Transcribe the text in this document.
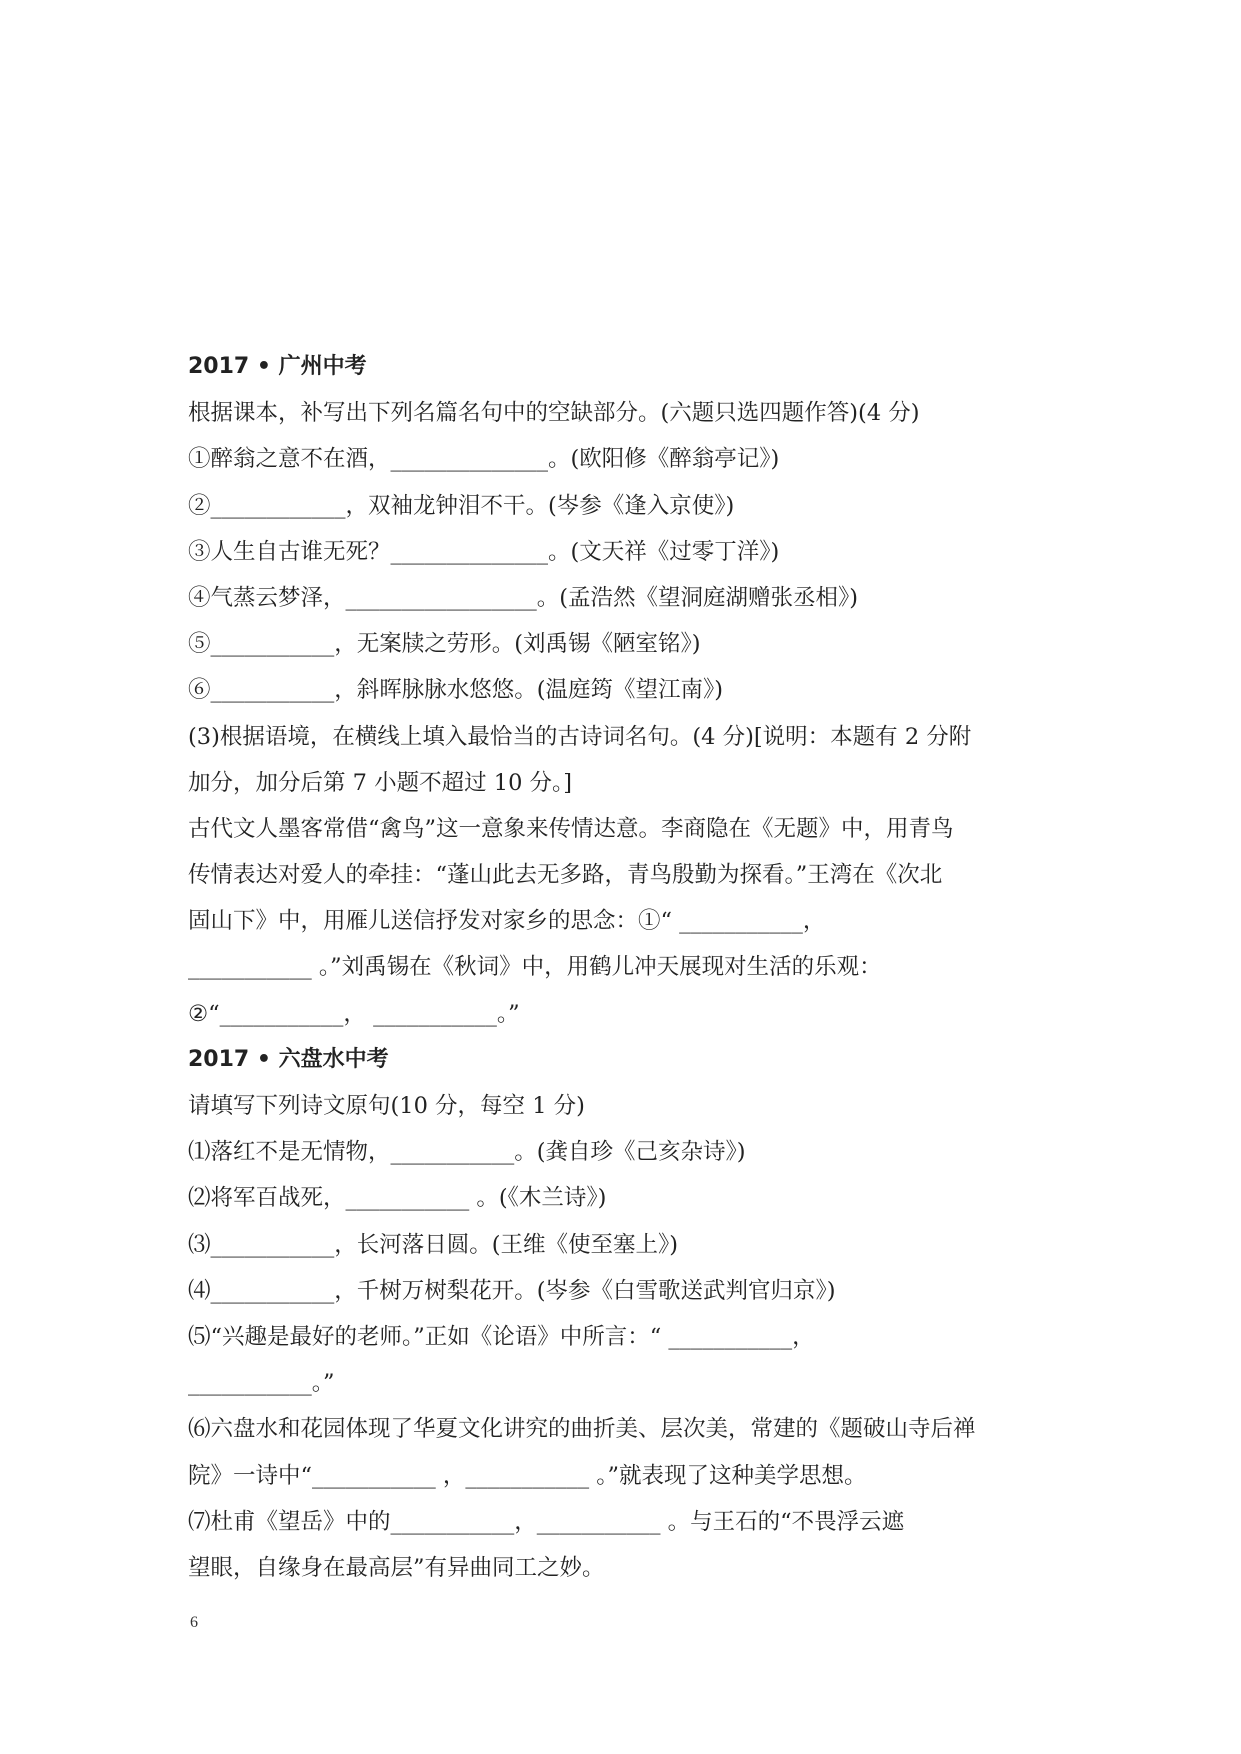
2017 • 广州中考
根据课本，补写出下列名篇名句中的空缺部分。(六题只选四题作答)(4 分)
①醉翁之意不在酒，______________。(欧阳修《醉翁亭记》)
②____________，双袖龙钟泪不干。(岑参《逢入京使》)
③人生自古谁无死？______________。(文天祥《过零丁洋》)
④气蒸云梦泽，_________________。(孟浩然《望洞庭湖赠张丞相》)
⑤___________，无案牍之劳形。(刘禹锡《陋室铭》)
⑥___________，斜晖脉脉水悠悠。(温庭筠《望江南》)
(3)根据语境，在横线上填入最恰当的古诗词名句。(4 分)[说明：本题有 2 分附
加分，加分后第 7 小题不超过 10 分。]
古代文人墨客常借“禽鸟”这一意象来传情达意。李商隐在《无题》中，用青鸟
传情表达对爱人的牵挂：“蓬山此去无多路，青鸟殷勤为探看。”王湾在《次北
固山下》中，用雁儿送信抒发对家乡的思念：①“ ___________，
___________ 。”刘禹锡在《秋词》中，用鹤儿冲天展现对生活的乐观：
②“___________， ___________。”
2017 • 六盘水中考
请填写下列诗文原句(10 分，每空 1 分)
⑴落红不是无情物，___________。(龚自珍《己亥杂诗》)
⑵将军百战死，___________ 。(《木兰诗》)
⑶___________，长河落日圆。(王维《使至塞上》)
⑷___________，千树万树梨花开。(岑参《白雪歌送武判官归京》)
⑸“兴趣是最好的老师。”正如《论语》中所言：“ ___________，
___________。”
⑹六盘水和花园体现了华夏文化讲究的曲折美、层次美，常建的《题破山寺后禅
院》一诗中“___________ ，___________ 。”就表现了这种美学思想。
⑺杜甫《望岳》中的___________，___________ 。与王石的“不畏浮云遮
望眼，自缘身在最高层”有异曲同工之妙。
6
